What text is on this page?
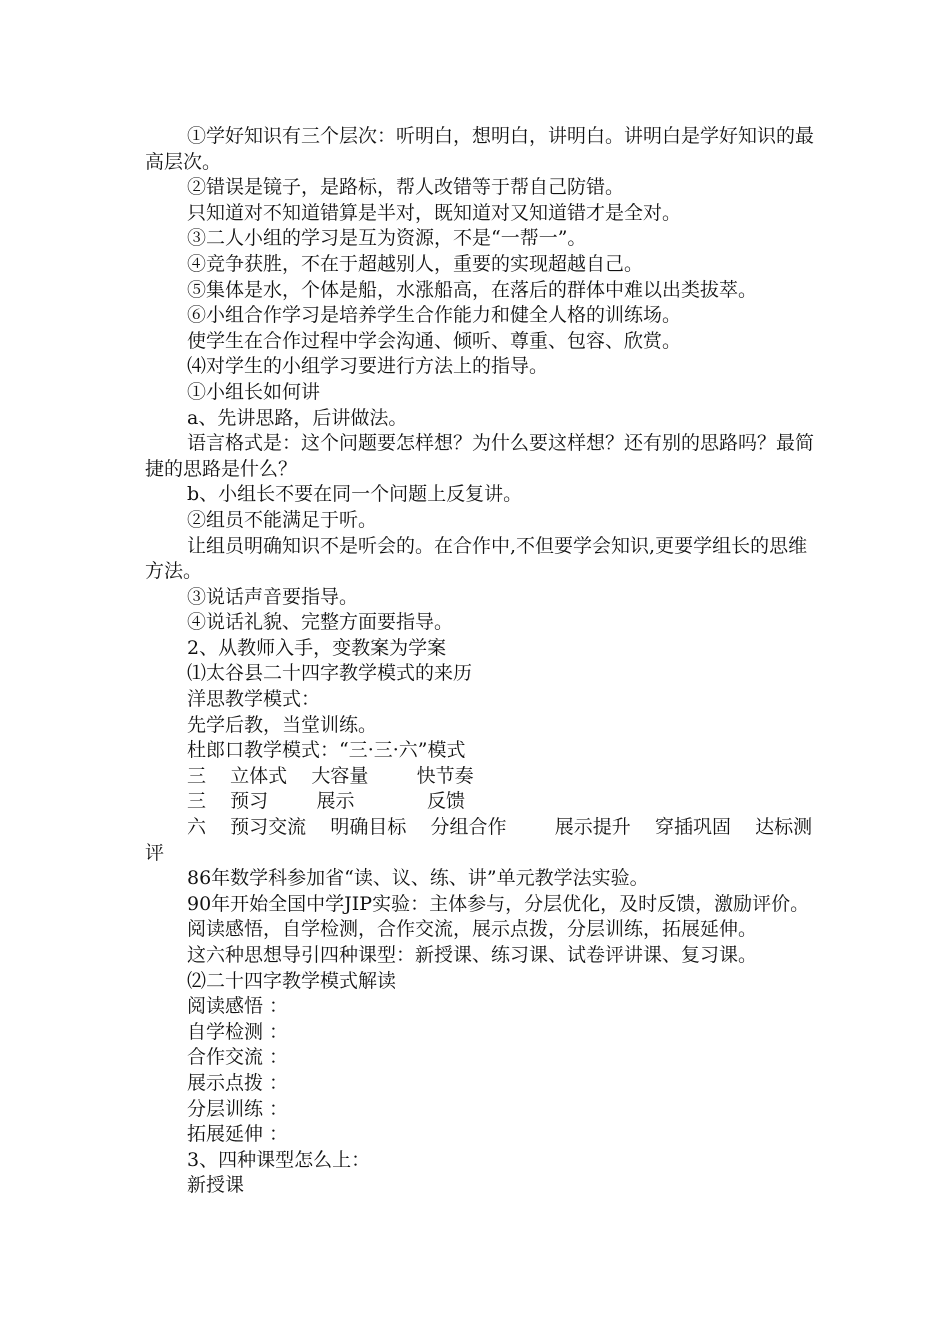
①学好知识有三个层次：听明白，想明白，讲明白。讲明白是学好知识的最高层次。

②错误是镜子，是路标，帮人改错等于帮自己防错。

只知道对不知道错算是半对，既知道对又知道错才是全对。

③二人小组的学习是互为资源，不是“一帮一”。

④竞争获胜，不在于超越别人，重要的实现超越自己。

⑤集体是水，个体是船，水涨船高，在落后的群体中难以出类拔萃。

⑥小组合作学习是培养学生合作能力和健全人格的训练场。

使学生在合作过程中学会沟通、倾听、尊重、包容、欣赏。

⑷对学生的小组学习要进行方法上的指导。

①小组长如何讲

a、先讲思路，后讲做法。

语言格式是：这个问题要怎样想？为什么要这样想？还有别的思路吗？最简捷的思路是什么？

b、小组长不要在同一个问题上反复讲。

②组员不能满足于听。

让组员明确知识不是听会的。在合作中,不但要学会知识,更要学组长的思维方法。

③说话声音要指导。

④说话礼貌、完整方面要指导。

2、从教师入手，变教案为学案

⑴太谷县二十四字教学模式的来历

洋思教学模式：

先学后教，当堂训练。

杜郎口教学模式：“三·三·六”模式

三    立体式    大容量        快节奏

三    预习        展示            反馈

六    预习交流    明确目标    分组合作        展示提升    穿插巩固    达标测评

86年数学科参加省“读、议、练、讲”单元教学法实验。

90年开始全国中学JIP实验：主体参与，分层优化，及时反馈，激励评价。

阅读感悟，自学检测，合作交流，展示点拨，分层训练，拓展延伸。

这六种思想导引四种课型：新授课、练习课、试卷评讲课、复习课。

⑵二十四字教学模式解读

阅读感悟 ：

自学检测 ：

合作交流 ：

展示点拨 ：

分层训练 ：

拓展延伸 ：

3、四种课型怎么上：

新授课
